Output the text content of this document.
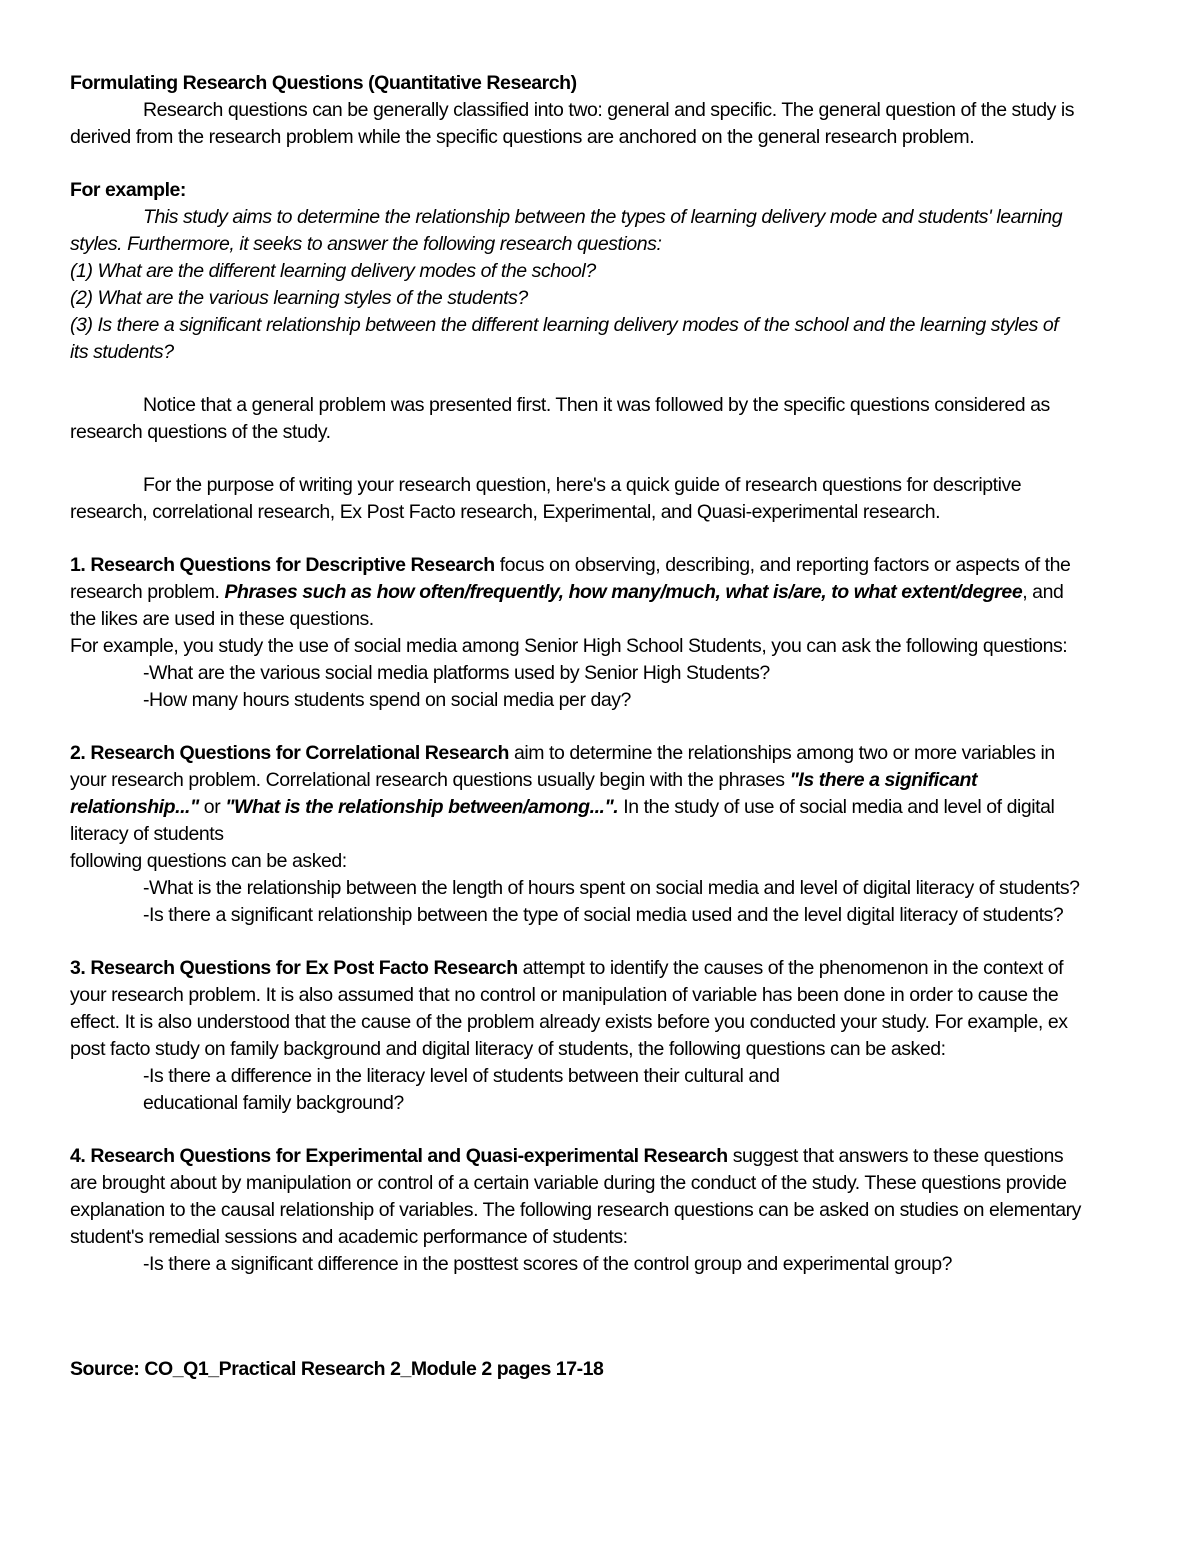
Formulating Research Questions (Quantitative Research)
Research questions can be generally classified into two: general and specific. The general question of the study is
derived from the research problem while the specific questions are anchored on the general research problem.
For example:
This study aims to determine the relationship between the types of learning delivery mode and students' learning
styles. Furthermore, it seeks to answer the following research questions:
(1) What are the different learning delivery modes of the school?
(2) What are the various learning styles of the students?
(3) Is there a significant relationship between the different learning delivery modes of the school and the learning styles of
its students?
Notice that a general problem was presented first. Then it was followed by the specific questions considered as
research questions of the study.
For the purpose of writing your research question, here's a quick guide of research questions for descriptive
research, correlational research, Ex Post Facto research, Experimental, and Quasi-experimental research.
1. Research Questions for Descriptive Research focus on observing, describing, and reporting factors or aspects of the
research problem. Phrases such as how often/frequently, how many/much, what is/are, to what extent/degree, and
the likes are used in these questions.
For example, you study the use of social media among Senior High School Students, you can ask the following questions:
-What are the various social media platforms used by Senior High Students?
-How many hours students spend on social media per day?
2. Research Questions for Correlational Research aim to determine the relationships among two or more variables in
your research problem. Correlational research questions usually begin with the phrases "Is there a significant
relationship..." or "What is the relationship between/among...". In the study of use of social media and level of digital
literacy of students
following questions can be asked:
-What is the relationship between the length of hours spent on social media and level of digital literacy of students?
-Is there a significant relationship between the type of social media used and the level digital literacy of students?
3. Research Questions for Ex Post Facto Research attempt to identify the causes of the phenomenon in the context of
your research problem. It is also assumed that no control or manipulation of variable has been done in order to cause the
effect. It is also understood that the cause of the problem already exists before you conducted your study. For example, ex
post facto study on family background and digital literacy of students, the following questions can be asked:
-Is there a difference in the literacy level of students between their cultural and
educational family background?
4. Research Questions for Experimental and Quasi-experimental Research suggest that answers to these questions
are brought about by manipulation or control of a certain variable during the conduct of the study. These questions provide
explanation to the causal relationship of variables. The following research questions can be asked on studies on elementary
student's remedial sessions and academic performance of students:
-Is there a significant difference in the posttest scores of the control group and experimental group?
Source: CO_Q1_Practical Research 2_Module 2 pages 17-18
